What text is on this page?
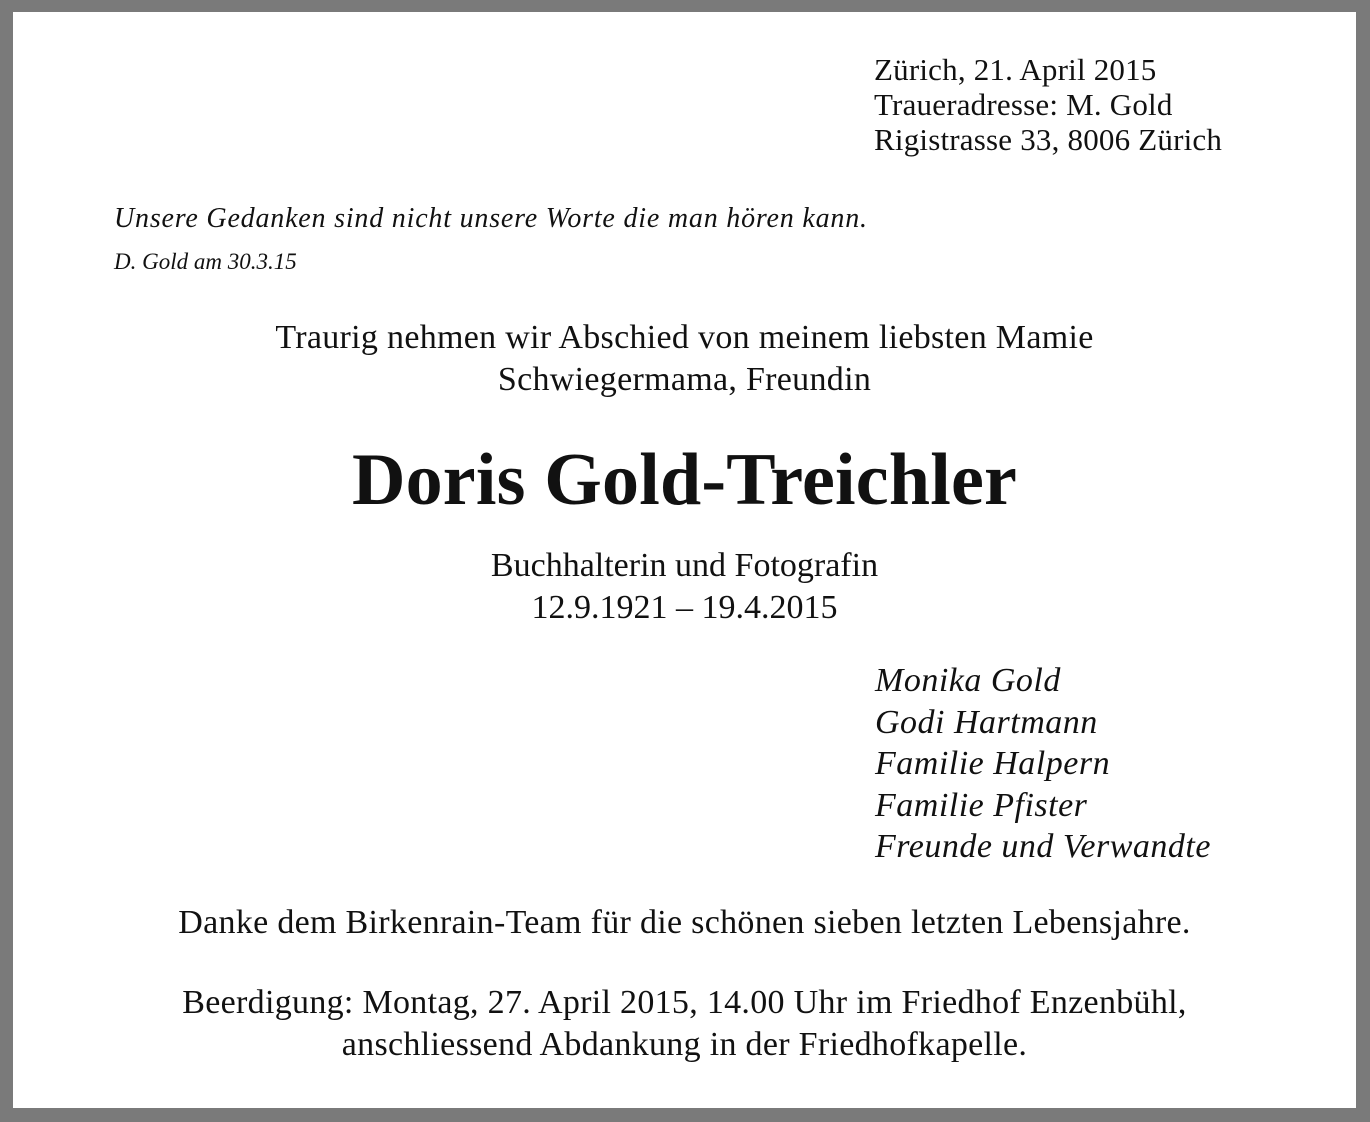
Zürich, 21. April 2015
Traueradresse: M. Gold
Rigistrasse 33, 8006 Zürich
Unsere Gedanken sind nicht unsere Worte die man hören kann.
D. Gold am 30.3.15
Traurig nehmen wir Abschied von meinem liebsten Mamie
Schwiegermama, Freundin
Doris Gold-Treichler
Buchhalterin und Fotografin
12.9.1921 – 19.4.2015
Monika Gold
Godi Hartmann
Familie Halpern
Familie Pfister
Freunde und Verwandte
Danke dem Birkenrain-Team für die schönen sieben letzten Lebensjahre.
Beerdigung: Montag, 27. April 2015, 14.00 Uhr im Friedhof Enzenbühl,
anschliessend Abdankung in der Friedhofkapelle.
